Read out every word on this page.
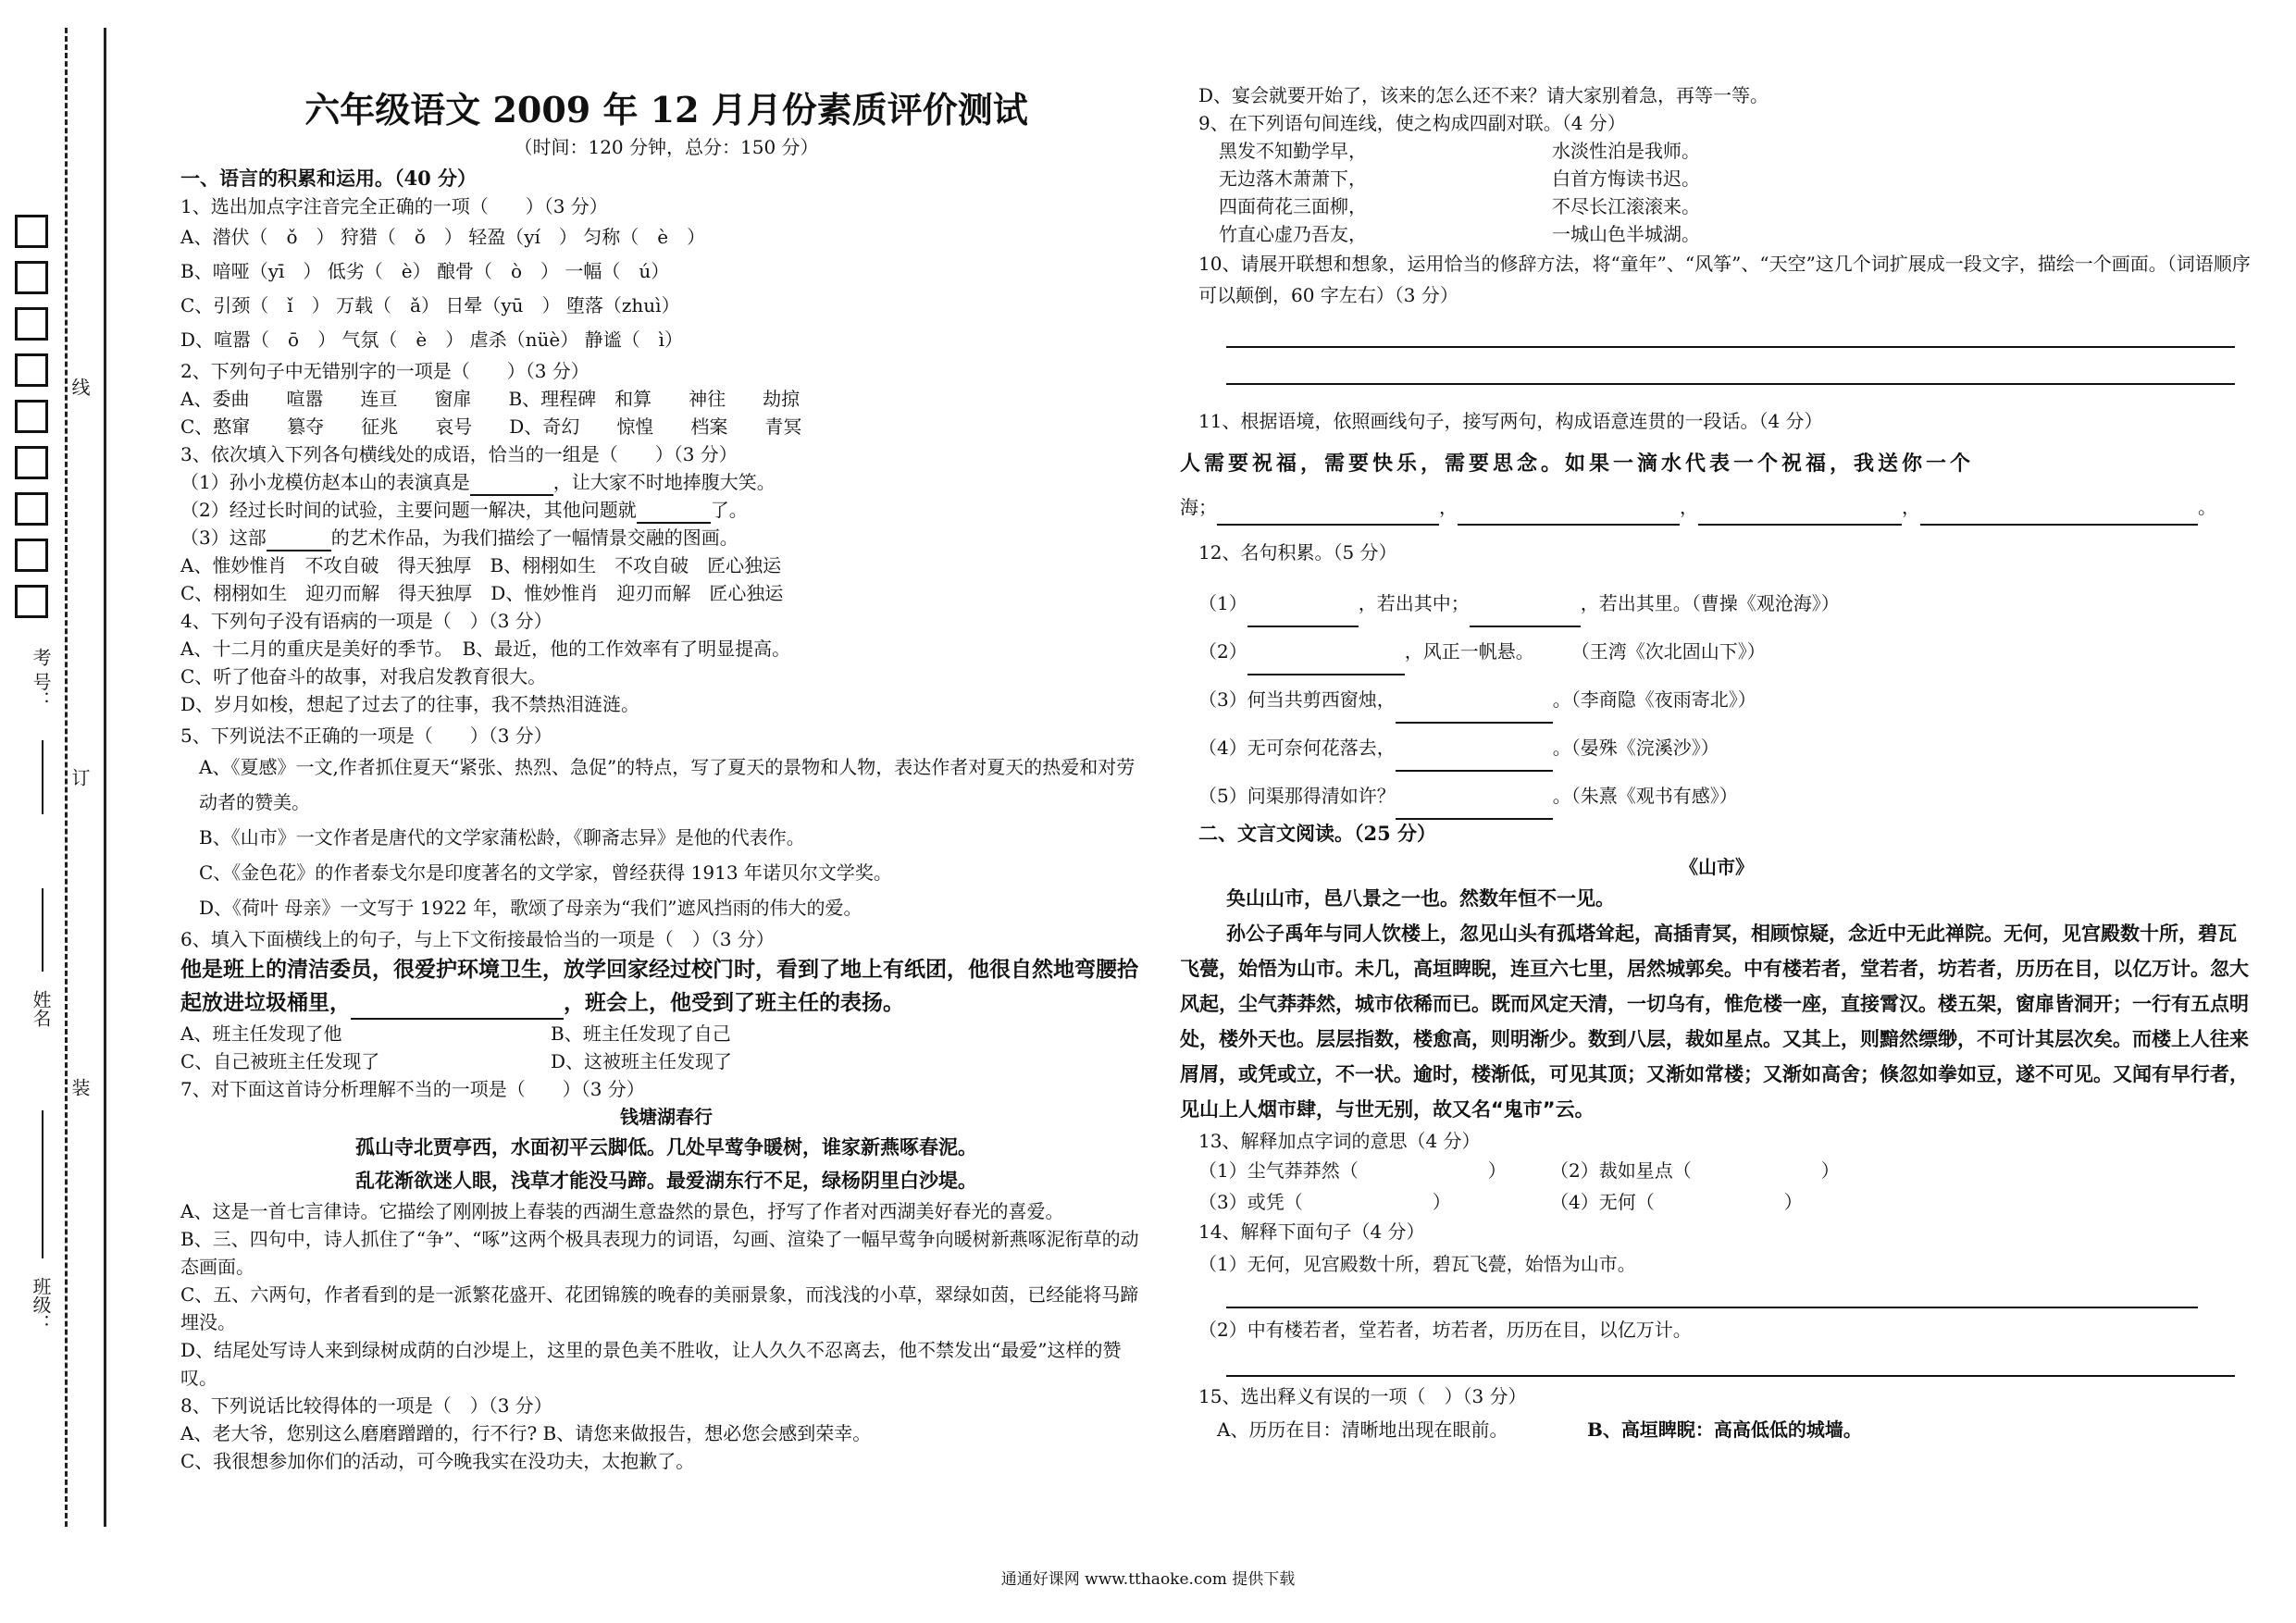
线
考 号：
订
姓名
装
班级：
六年级语文 2009 年 12 月月份素质评价测试
（时间：120 分钟，总分：150 分）
一、语言的积累和运用。（40 分）
1、选出加点字注音完全正确的一项（　　）（3 分）
A、潜伏（　ǒ　） 狩猎（　ǒ　） 轻盈（yí　） 匀称（　è　）
B、喑哑（yī　） 低劣（　è） 酿骨（　ò　） 一幅（　ú）
C、引颈（　ǐ　） 万载（　ǎ） 日晕（yū　） 堕落（zhuì）
D、喧嚣（　ō　） 气氛（　è　） 虐杀（nüè） 静谧（　ì）
2、下列句子中无错别字的一项是（　　）（3 分）
A、委曲　　喧嚣　　连亘　　窗扉　　B、理程碑　和算　　神往　　劫掠
C、憨窜　　篡夺　　征兆　　哀号　　D、奇幻　　惊惶　　档案　　青冥
3、依次填入下列各句横线处的成语，恰当的一组是（　　）（3 分）
（1）孙小龙模仿赵本山的表演真是	，让大家不时地捧腹大笑。
（2）经过长时间的试验，主要问题一解决，其他问题就	了。
（3）这部	的艺术作品，为我们描绘了一幅情景交融的图画。
A、惟妙惟肖　不攻自破　得天独厚　B、栩栩如生　不攻自破　匠心独运
C、栩栩如生　迎刃而解　得天独厚　D、惟妙惟肖　迎刃而解　匠心独运
4、下列句子没有语病的一项是（　）（3 分）
A、十二月的重庆是美好的季节。　B、最近，他的工作效率有了明显提高。
C、听了他奋斗的故事，对我启发教育很大。
D、岁月如梭，想起了过去了的往事，我不禁热泪涟涟。
5、下列说法不正确的一项是（　　）（3 分）
A、《夏感》一文,作者抓住夏天“紧张、热烈、急促”的特点，写了夏天的景物和人物，表达作者对夏天的热爱和对劳动者的赞美。
B、《山市》一文作者是唐代的文学家蒲松龄，《聊斋志异》是他的代表作。
C、《金色花》的作者泰戈尔是印度著名的文学家，曾经获得 1913 年诺贝尔文学奖。
D、《荷叶 母亲》一文写于 1922 年，歌颂了母亲为“我们”遮风挡雨的伟大的爱。
6、填入下面横线上的句子，与上下文衔接最恰当的一项是（　）（3 分）
他是班上的清洁委员，很爱护环境卫生，放学回家经过校门时，看到了地上有纸团，他很自然地弯腰拾起放进垃圾桶里，	，班会上，他受到了班主任的表扬。
A、班主任发现了他	B、班主任发现了自己
C、自己被班主任发现了	D、这被班主任发现了
7、对下面这首诗分析理解不当的一项是（　　）（3 分）
钱塘湖春行
孤山寺北贾亭西，水面初平云脚低。几处早莺争暖树，谁家新燕啄春泥。
乱花渐欲迷人眼，浅草才能没马蹄。最爱湖东行不足，绿杨阴里白沙堤。
A、这是一首七言律诗。它描绘了刚刚披上春装的西湖生意盎然的景色，抒写了作者对西湖美好春光的喜爱。
B、三、四句中，诗人抓住了“争”、“啄”这两个极具表现力的词语，勾画、渲染了一幅早莺争向暖树新燕啄泥衔草的动态画面。
C、五、六两句，作者看到的是一派繁花盛开、花团锦簇的晚春的美丽景象，而浅浅的小草，翠绿如茵，已经能将马蹄埋没。
D、结尾处写诗人来到绿树成荫的白沙堤上，这里的景色美不胜收，让人久久不忍离去，他不禁发出“最爱”这样的赞叹。
8、下列说话比较得体的一项是（　）（3 分）
A、老大爷，您别这么磨磨蹭蹭的，行不行? B、请您来做报告，想必您会感到荣幸。
C、我很想参加你们的活动，可今晚我实在没功夫，太抱歉了。
D、宴会就要开始了，该来的怎么还不来？请大家别着急，再等一等。
9、在下列语句间连线，使之构成四副对联。（4 分）
黑发不知勤学早，	水淡性泊是我师。
无边落木萧萧下，	白首方悔读书迟。
四面荷花三面柳，	不尽长江滚滚来。
竹直心虚乃吾友，	一城山色半城湖。
10、请展开联想和想象，运用恰当的修辞方法，将“童年”、“风筝”、“天空”这几个词扩展成一段文字，描绘一个画面。（词语顺序可以颠倒，60 字左右）（3 分）
11、根据语境，依照画线句子，接写两句，构成语意连贯的一段话。（4 分）
人需要祝福，需要快乐，需要思念。如果一滴水代表一个祝福，我送你一个
海；	，	，	，	。
12、名句积累。（5 分）
（1）	，若出其中；	，若出其里。（曹操《观沧海》）
（2）	，风正一帆悬。　　　（王湾《次北固山下》）
（3）何当共剪西窗烛，	。（李商隐《夜雨寄北》）
（4）无可奈何花落去，	。（晏殊《浣溪沙》）
（5）问渠那得清如许？	。（朱熹《观书有感》）
二、文言文阅读。（25 分）
《山市》
奂山山市，邑八景之一也。然数年恒不一见。
孙公子禹年与同人饮楼上，忽见山头有孤塔耸起，高插青冥，相顾惊疑，念近中无此禅院。无何，见宫殿数十所，碧瓦飞甍，始悟为山市。未几，高垣睥睨，连亘六七里，居然城郭矣。中有楼若者，堂若者，坊若者，历历在目，以亿万计。忽大风起，尘气莽莽然，城市依稀而已。既而风定天清，一切乌有，惟危楼一座，直接霄汉。楼五架，窗扉皆洞开；一行有五点明处，楼外天也。层层指数，楼愈高，则明渐少。数到八层，裁如星点。又其上，则黯然缥缈，不可计其层次矣。而楼上人往来屑屑，或凭或立，不一状。逾时，楼渐低，可见其顶；又渐如常楼；又渐如高舍；倏忽如拳如豆，遂不可见。又闻有早行者，见山上人烟市肆，与世无别，故又名“鬼市”云。
13、解释加点字词的意思（4 分）
（1）尘气莽莽然（　　　　　　　）	（2）裁如星点（　　　　　　　）
（3）或凭（　　　　　　　）	（4）无何（　　　　　　　）
14、解释下面句子（4 分）
（1）无何，见宫殿数十所，碧瓦飞甍，始悟为山市。
（2）中有楼若者，堂若者，坊若者，历历在目，以亿万计。
15、选出释义有误的一项（　）（3 分）
A、历历在目：清晰地出现在眼前。	B、高垣睥睨：高高低低的城墙。
通通好课网 www.tthaoke.com 提供下载
